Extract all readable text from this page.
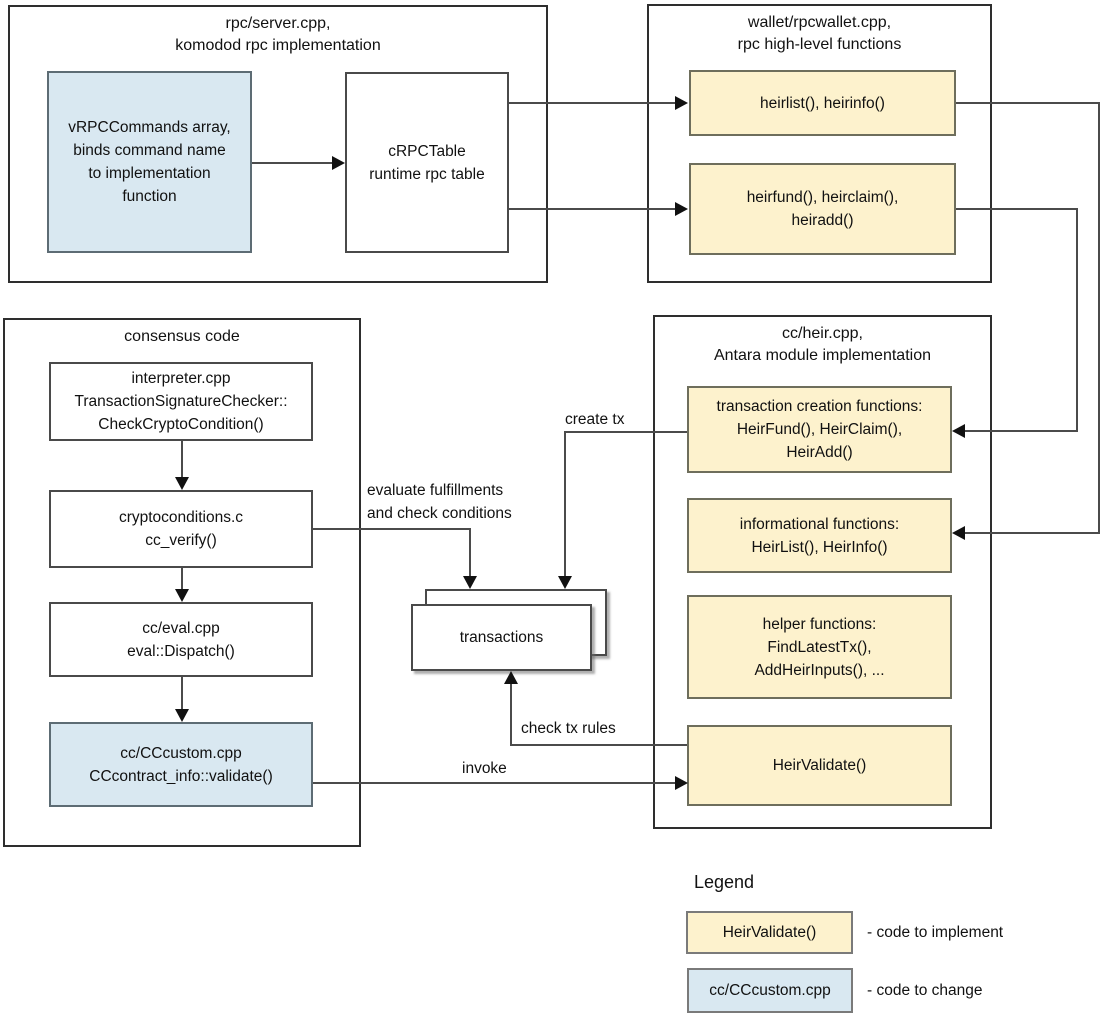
rpc/server.cpp,
komodod rpc implementation
wallet/rpcwallet.cpp,
rpc high-level functions
consensus code	cc/heir.cpp,
Antara module implementation
vRPCCommands array,
binds command name
to implementation
function
cRPCTable
runtime rpc table
heirlist(), heirinfo()
heirfund(), heirclaim(),
heiradd()
interpreter.cpp
TransactionSignatureChecker::
CheckCryptoCondition()
cryptoconditions.c
cc_verify()
cc/eval.cpp
eval::Dispatch()
cc/CCcustom.cpp
CCcontract_info::validate()
transaction creation functions:
HeirFund(), HeirClaim(),
HeirAdd()
informational functions:
HeirList(), HeirInfo()
helper functions:
FindLatestTx(),
AddHeirInputs(), ...
HeirValidate()
transactions
create tx
evaluate fulfillments
and check conditions
check tx rules
invoke
Legend
HeirValidate()	- code to implement
cc/CCcustom.cpp - code to change
